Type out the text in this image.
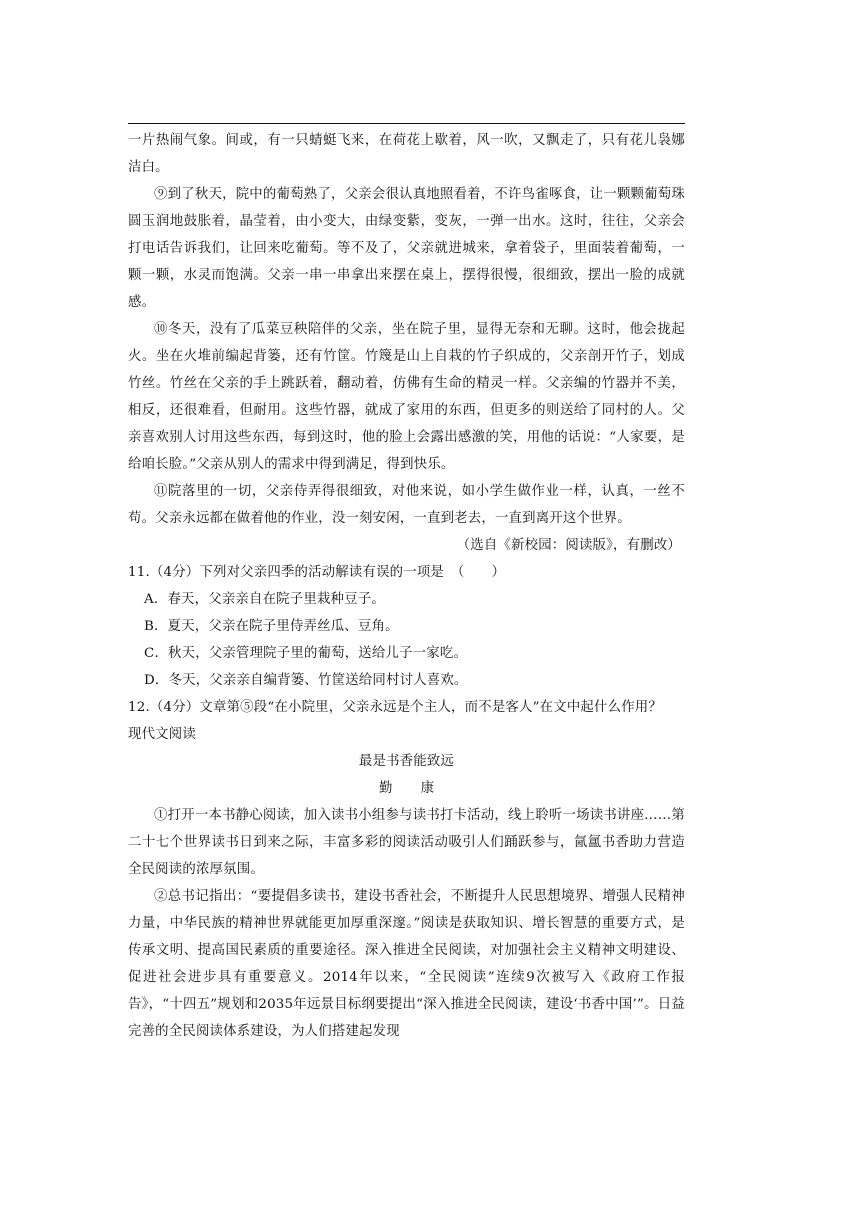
一片热闹气象。间或，有一只蜻蜓飞来，在荷花上歇着，风一吹，又飘走了，只有花儿袅娜洁白。

⑨到了秋天，院中的葡萄熟了，父亲会很认真地照看着，不许鸟雀啄食，让一颗颗葡萄珠圆玉润地鼓胀着，晶莹着，由小变大，由绿变紫，变灰，一弹一出水。这时，往往，父亲会打电话告诉我们，让回来吃葡萄。等不及了，父亲就进城来，拿着袋子，里面装着葡萄，一颗一颗，水灵而饱满。父亲一串一串拿出来摆在桌上，摆得很慢，很细致，摆出一脸的成就感。

⑩冬天，没有了瓜菜豆秧陪伴的父亲，坐在院子里，显得无奈和无聊。这时，他会拢起火。坐在火堆前编起背篓，还有竹筐。竹篾是山上自栽的竹子织成的，父亲剖开竹子，划成竹丝。竹丝在父亲的手上跳跃着，翻动着，仿佛有生命的精灵一样。父亲编的竹器并不美，相反，还很难看，但耐用。这些竹器，就成了家用的东西，但更多的则送给了同村的人。父亲喜欢别人讨用这些东西，每到这时，他的脸上会露出感激的笑，用他的话说：“人家要，是给咱长脸。”父亲从别人的需求中得到满足，得到快乐。

⑪院落里的一切，父亲侍弄得很细致，对他来说，如小学生做作业一样，认真，一丝不苟。父亲永远都在做着他的作业，没一刻安闲，一直到老去，一直到离开这个世界。

（选自《新校园：阅读版》，有删改）

11.（4分）下列对父亲四季的活动解读有误的一项是　（　　）

A．春天，父亲亲自在院子里栽种豆子。

B．夏天，父亲在院子里侍弄丝瓜、豆角。

C．秋天，父亲管理院子里的葡萄，送给儿子一家吃。

D．冬天，父亲亲自编背篓、竹筐送给同村讨人喜欢。

12.（4分）文章第⑤段“在小院里，父亲永远是个主人，而不是客人”在文中起什么作用？

现代文阅读

最是书香能致远

勤 康

①打开一本书静心阅读，加入读书小组参与读书打卡活动，线上聆听一场读书讲座……第二十七个世界读书日到来之际，丰富多彩的阅读活动吸引人们踊跃参与，氤氲书香助力营造全民阅读的浓厚氛围。

②总书记指出：“要提倡多读书，建设书香社会，不断提升人民思想境界、增强人民精神力量，中华民族的精神世界就能更加厚重深邃。”阅读是获取知识、增长智慧的重要方式，是传承文明、提高国民素质的重要途径。深入推进全民阅读，对加强社会主义精神文明建设、促进社会进步具有重要意义。2014年以来，“全民阅读”连续9次被写入《政府工作报告》，“十四五”规划和2035年远景目标纲要提出“深入推进全民阅读，建设‘书香中国’”。日益完善的全民阅读体系建设，为人们搭建起发现
